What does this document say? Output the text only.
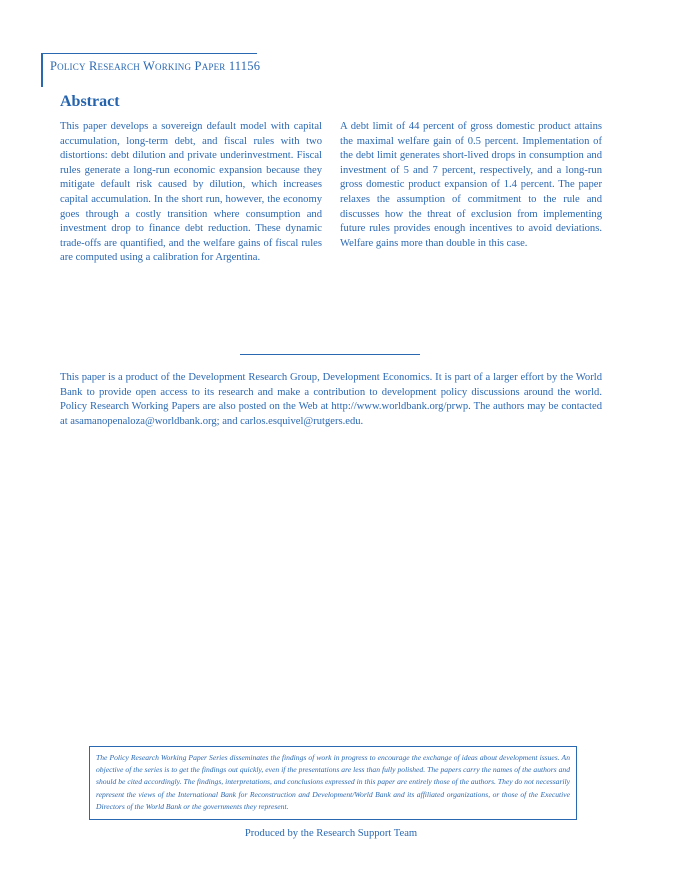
Policy Research Working Paper 11156
Abstract

This paper develops a sovereign default model with capital accumulation, long-term debt, and fiscal rules with two distortions: debt dilution and private underinvestment. Fiscal rules generate a long-run economic expansion because they mitigate default risk caused by dilution, which increases capital accumulation. In the short run, however, the economy goes through a costly transition where consumption and investment drop to finance debt reduction. These dynamic trade-offs are quantified, and the welfare gains of fiscal rules are computed using a calibration for Argentina.

A debt limit of 44 percent of gross domestic product attains the maximal welfare gain of 0.5 percent. Implementation of the debt limit generates short-lived drops in consumption and investment of 5 and 7 percent, respectively, and a long-run gross domestic product expansion of 1.4 percent. The paper relaxes the assumption of commitment to the rule and discusses how the threat of exclusion from implementing future rules provides enough incentives to avoid deviations. Welfare gains more than double in this case.

This paper is a product of the Development Research Group, Development Economics. It is part of a larger effort by the World Bank to provide open access to its research and make a contribution to development policy discussions around the world. Policy Research Working Papers are also posted on the Web at http://www.worldbank.org/prwp. The authors may be contacted at asamanopenaloza@worldbank.org; and carlos.esquivel@rutgers.edu.

The Policy Research Working Paper Series disseminates the findings of work in progress to encourage the exchange of ideas about development issues. An objective of the series is to get the findings out quickly, even if the presentations are less than fully polished. The papers carry the names of the authors and should be cited accordingly. The findings, interpretations, and conclusions expressed in this paper are entirely those of the authors. They do not necessarily represent the views of the International Bank for Reconstruction and Development/World Bank and its affiliated organizations, or those of the Executive Directors of the World Bank or the governments they represent.

Produced by the Research Support Team
